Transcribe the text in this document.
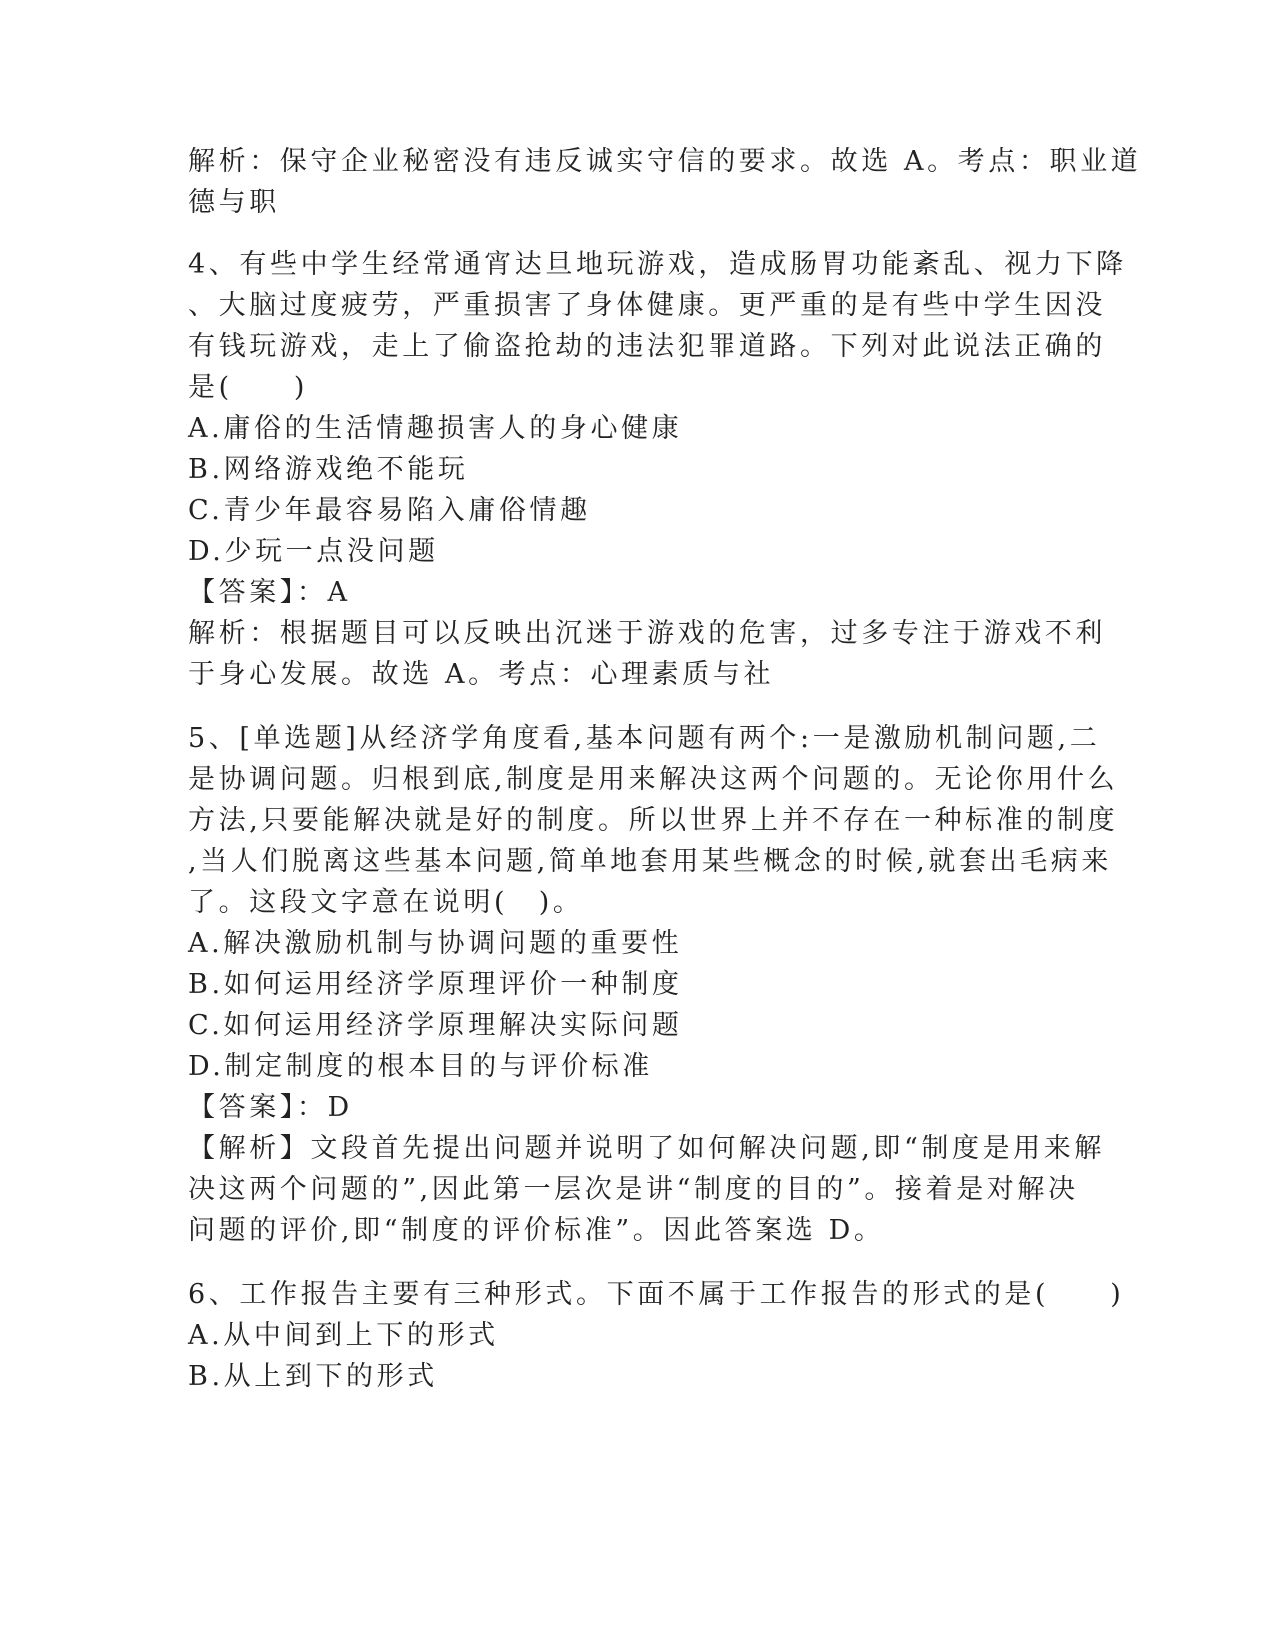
解析：保守企业秘密没有违反诚实守信的要求。故选 A。考点：职业道
德与职
4、有些中学生经常通宵达旦地玩游戏，造成肠胃功能紊乱、视力下降
、大脑过度疲劳，严重损害了身体健康。更严重的是有些中学生因没
有钱玩游戏，走上了偷盗抢劫的违法犯罪道路。下列对此说法正确的
是(　　)
A.庸俗的生活情趣损害人的身心健康
B.网络游戏绝不能玩
C.青少年最容易陷入庸俗情趣
D.少玩一点没问题
【答案】：A
解析：根据题目可以反映出沉迷于游戏的危害，过多专注于游戏不利
于身心发展。故选 A。考点：心理素质与社
5、[单选题]从经济学角度看,基本问题有两个:一是激励机制问题,二
是协调问题。归根到底,制度是用来解决这两个问题的。无论你用什么
方法,只要能解决就是好的制度。所以世界上并不存在一种标准的制度
,当人们脱离这些基本问题,简单地套用某些概念的时候,就套出毛病来
了。这段文字意在说明(　)。
A.解决激励机制与协调问题的重要性
B.如何运用经济学原理评价一种制度
C.如何运用经济学原理解决实际问题
D.制定制度的根本目的与评价标准
【答案】：D
【解析】文段首先提出问题并说明了如何解决问题,即“制度是用来解
决这两个问题的”,因此第一层次是讲“制度的目的”。接着是对解决
问题的评价,即“制度的评价标准”。因此答案选 D。
6、工作报告主要有三种形式。下面不属于工作报告的形式的是(　　)
A.从中间到上下的形式
B.从上到下的形式
